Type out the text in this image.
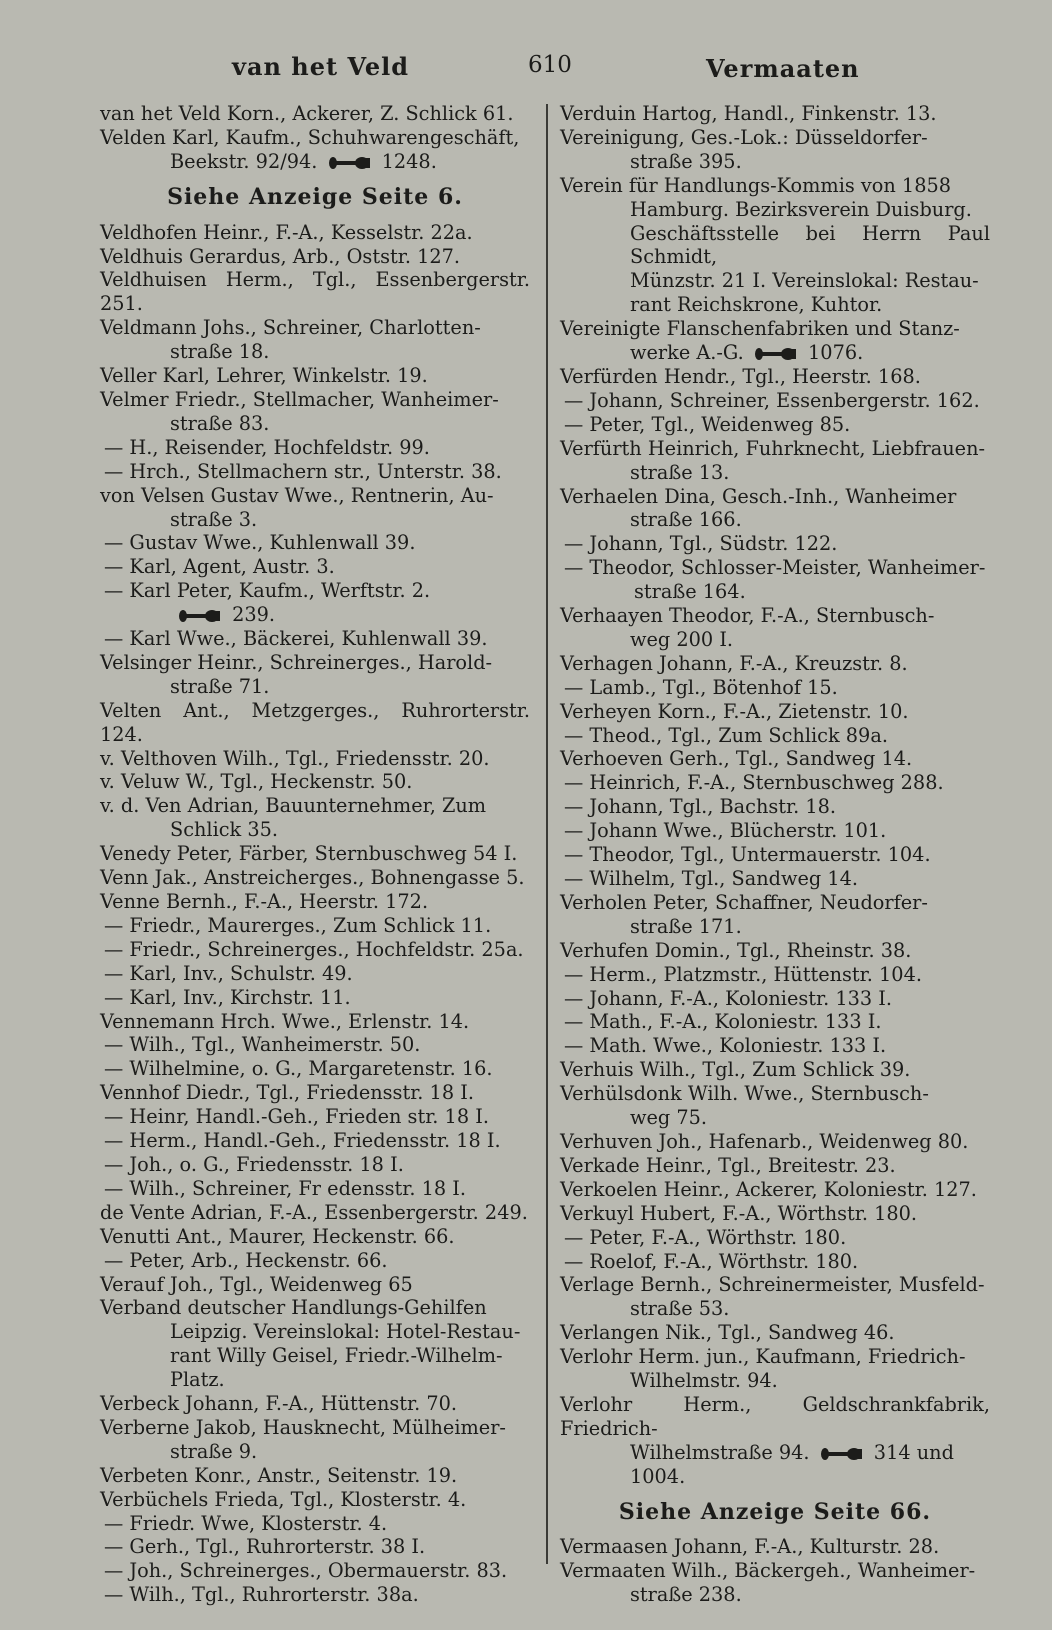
van het Veld	610	Vermaaten
van het Veld Korn., Ackerer, Z. Schlick 61.
Velden Karl, Kaufm., Schuhwarengeschäft,
Beekstr. 92/94.	1248.
Siehe Anzeige Seite 6.
Veldhofen Heinr., F.-A., Kesselstr. 22a.
Veldhuis Gerardus, Arb., Oststr. 127.
Veldhuisen Herm., Tgl., Essenbergerstr. 251.
Veldmann Johs., Schreiner, Charlotten-
straße 18.
Veller Karl, Lehrer, Winkelstr. 19.
Velmer Friedr., Stellmacher, Wanheimer-
straße 83.
— H., Reisender, Hochfeldstr. 99.
— Hrch., Stellmachern str., Unterstr. 38.
von Velsen Gustav Wwe., Rentnerin, Au-
straße 3.
— Gustav Wwe., Kuhlenwall 39.
— Karl, Agent, Austr. 3.
— Karl Peter, Kaufm., Werftstr. 2.
239.
— Karl Wwe., Bäckerei, Kuhlenwall 39.
Velsinger Heinr., Schreinerges., Harold-
straße 71.
Velten Ant., Metzgerges., Ruhrorterstr. 124.
v. Velthoven Wilh., Tgl., Friedensstr. 20.
v. Veluw W., Tgl., Heckenstr. 50.
v. d. Ven Adrian, Bauunternehmer, Zum
Schlick 35.
Venedy Peter, Färber, Sternbuschweg 54 I.
Venn Jak., Anstreicherges., Bohnengasse 5.
Venne Bernh., F.-A., Heerstr. 172.
— Friedr., Maurerges., Zum Schlick 11.
— Friedr., Schreinerges., Hochfeldstr. 25a.
— Karl, Inv., Schulstr. 49.
— Karl, Inv., Kirchstr. 11.
Vennemann Hrch. Wwe., Erlenstr. 14.
— Wilh., Tgl., Wanheimerstr. 50.
— Wilhelmine, o. G., Margaretenstr. 16.
Vennhof Diedr., Tgl., Friedensstr. 18 I.
— Heinr, Handl.-Geh., Frieden str. 18 I.
— Herm., Handl.-Geh., Friedensstr. 18 I.
— Joh., o. G., Friedensstr. 18 I.
— Wilh., Schreiner, Fr edensstr. 18 I.
de Vente Adrian, F.-A., Essenbergerstr. 249.
Venutti Ant., Maurer, Heckenstr. 66.
— Peter, Arb., Heckenstr. 66.
Verauf Joh., Tgl., Weidenweg 65
Verband deutscher Handlungs-Gehilfen
Leipzig. Vereinslokal: Hotel-Restau-
rant Willy Geisel, Friedr.-Wilhelm-
Platz.
Verbeck Johann, F.-A., Hüttenstr. 70.
Verberne Jakob, Hausknecht, Mülheimer-
straße 9.
Verbeten Konr., Anstr., Seitenstr. 19.
Verbüchels Frieda, Tgl., Klosterstr. 4.
— Friedr. Wwe, Klosterstr. 4.
— Gerh., Tgl., Ruhrorterstr. 38 I.
— Joh., Schreinerges., Obermauerstr. 83.
— Wilh., Tgl., Ruhrorterstr. 38a.
Verduin Hartog, Handl., Finkenstr. 13.
Vereinigung, Ges.-Lok.: Düsseldorfer-
straße 395.
Verein für Handlungs-Kommis von 1858
Hamburg. Bezirksverein Duisburg.
Geschäftsstelle bei Herrn Paul Schmidt,
Münzstr. 21 I. Vereinslokal: Restau-
rant Reichskrone, Kuhtor.
Vereinigte Flanschenfabriken und Stanz-
werke A.-G.	1076.
Verfürden Hendr., Tgl., Heerstr. 168.
— Johann, Schreiner, Essenbergerstr. 162.
— Peter, Tgl., Weidenweg 85.
Verfürth Heinrich, Fuhrknecht, Liebfrauen-
straße 13.
Verhaelen Dina, Gesch.-Inh., Wanheimer
straße 166.
— Johann, Tgl., Südstr. 122.
— Theodor, Schlosser-Meister, Wanheimer-
straße 164.
Verhaayen Theodor, F.-A., Sternbusch-
weg 200 I.
Verhagen Johann, F.-A., Kreuzstr. 8.
— Lamb., Tgl., Bötenhof 15.
Verheyen Korn., F.-A., Zietenstr. 10.
— Theod., Tgl., Zum Schlick 89a.
Verhoeven Gerh., Tgl., Sandweg 14.
— Heinrich, F.-A., Sternbuschweg 288.
— Johann, Tgl., Bachstr. 18.
— Johann Wwe., Blücherstr. 101.
— Theodor, Tgl., Untermauerstr. 104.
— Wilhelm, Tgl., Sandweg 14.
Verholen Peter, Schaffner, Neudorfer-
straße 171.
Verhufen Domin., Tgl., Rheinstr. 38.
— Herm., Platzmstr., Hüttenstr. 104.
— Johann, F.-A., Koloniestr. 133 I.
— Math., F.-A., Koloniestr. 133 I.
— Math. Wwe., Koloniestr. 133 I.
Verhuis Wilh., Tgl., Zum Schlick 39.
Verhülsdonk Wilh. Wwe., Sternbusch-
weg 75.
Verhuven Joh., Hafenarb., Weidenweg 80.
Verkade Heinr., Tgl., Breitestr. 23.
Verkoelen Heinr., Ackerer, Koloniestr. 127.
Verkuyl Hubert, F.-A., Wörthstr. 180.
— Peter, F.-A., Wörthstr. 180.
— Roelof, F.-A., Wörthstr. 180.
Verlage Bernh., Schreinermeister, Musfeld-
straße 53.
Verlangen Nik., Tgl., Sandweg 46.
Verlohr Herm. jun., Kaufmann, Friedrich-
Wilhelmstr. 94.
Verlohr Herm., Geldschrankfabrik, Friedrich-
Wilhelmstraße 94.	314 und
1004.
Siehe Anzeige Seite 66.
Vermaasen Johann, F.-A., Kulturstr. 28.
Vermaaten Wilh., Bäckergeh., Wanheimer-
straße 238.
